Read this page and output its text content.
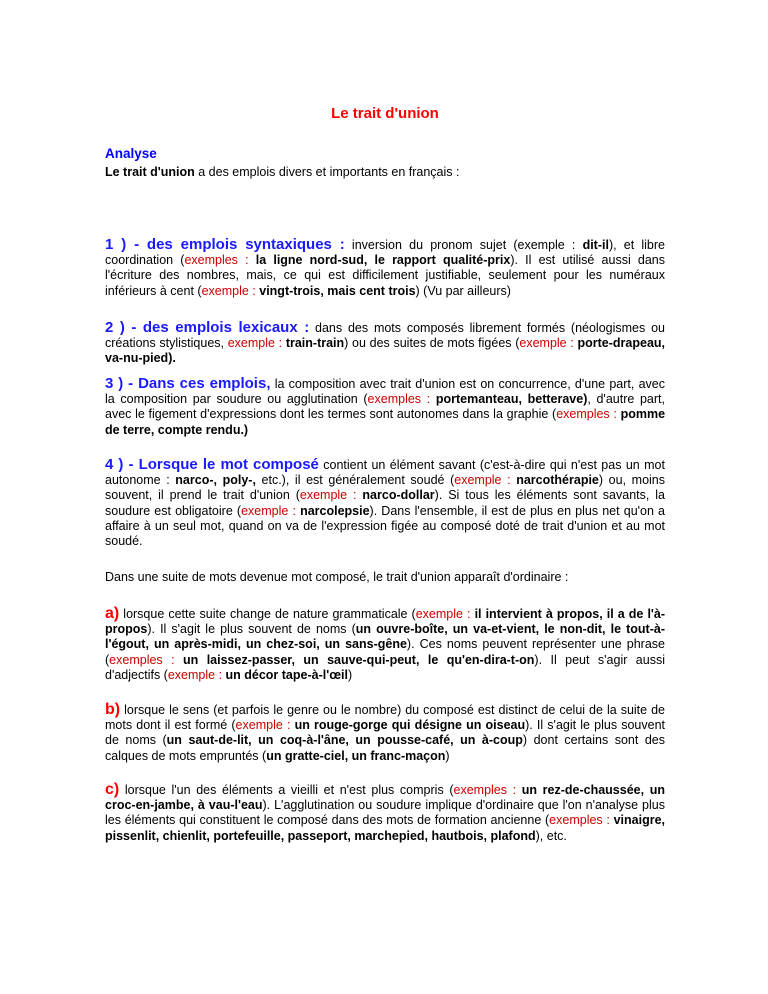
Le trait d'union
Analyse

Le trait d'union a des emplois divers et importants en français :

1 ) - des emplois syntaxiques : inversion du pronom sujet (exemple : dit-il), et libre coordination (exemples : la ligne nord-sud, le rapport qualité-prix). Il est utilisé aussi dans l'écriture des nombres, mais, ce qui est difficilement justifiable, seulement pour les numéraux inférieurs à cent (exemple : vingt-trois, mais cent trois) (Vu par ailleurs)

2 ) - des emplois lexicaux : dans des mots composés librement formés (néologismes ou créations stylistiques, exemple : train-train) ou des suites de mots figées (exemple : porte-drapeau, va-nu-pied).

3 ) - Dans ces emplois, la composition avec trait d'union est on concurrence, d'une part, avec la composition par soudure ou agglutination (exemples : portemanteau, betterave), d'autre part, avec le figement d'expressions dont les termes sont autonomes dans la graphie (exemples : pomme de terre, compte rendu.)

4 ) - Lorsque le mot composé contient un élément savant (c'est-à-dire qui n'est pas un mot autonome : narco-, poly-, etc.), il est généralement soudé (exemple : narcothérapie) ou, moins souvent, il prend le trait d'union (exemple : narco-dollar). Si tous les éléments sont savants, la soudure est obligatoire (exemple : narcolepsie). Dans l'ensemble, il est de plus en plus net qu'on a affaire à un seul mot, quand on va de l'expression figée au composé doté de trait d'union et au mot soudé.

Dans une suite de mots devenue mot composé, le trait d'union apparaît d'ordinaire :

a) lorsque cette suite change de nature grammaticale (exemple : il intervient à propos, il a de l'à-propos). Il s'agit le plus souvent de noms (un ouvre-boîte, un va-et-vient, le non-dit, le tout-à-l'égout, un après-midi, un chez-soi, un sans-gêne). Ces noms peuvent représenter une phrase (exemples : un laissez-passer, un sauve-qui-peut, le qu'en-dira-t-on). Il peut s'agir aussi d'adjectifs (exemple : un décor tape-à-l'œil)

b) lorsque le sens (et parfois le genre ou le nombre) du composé est distinct de celui de la suite de mots dont il est formé (exemple : un rouge-gorge qui désigne un oiseau). Il s'agit le plus souvent de noms (un saut-de-lit, un coq-à-l'âne, un pousse-café, un à-coup) dont certains sont des calques de mots empruntés (un gratte-ciel, un franc-maçon)

c) lorsque l'un des éléments a vieilli et n'est plus compris (exemples : un rez-de-chaussée, un croc-en-jambe, à vau-l'eau). L'agglutination ou soudure implique d'ordinaire que l'on n'analyse plus les éléments qui constituent le composé dans des mots de formation ancienne (exemples : vinaigre, pissenlit, chienlit, portefeuille, passeport, marchepied, hautbois, plafond), etc.
